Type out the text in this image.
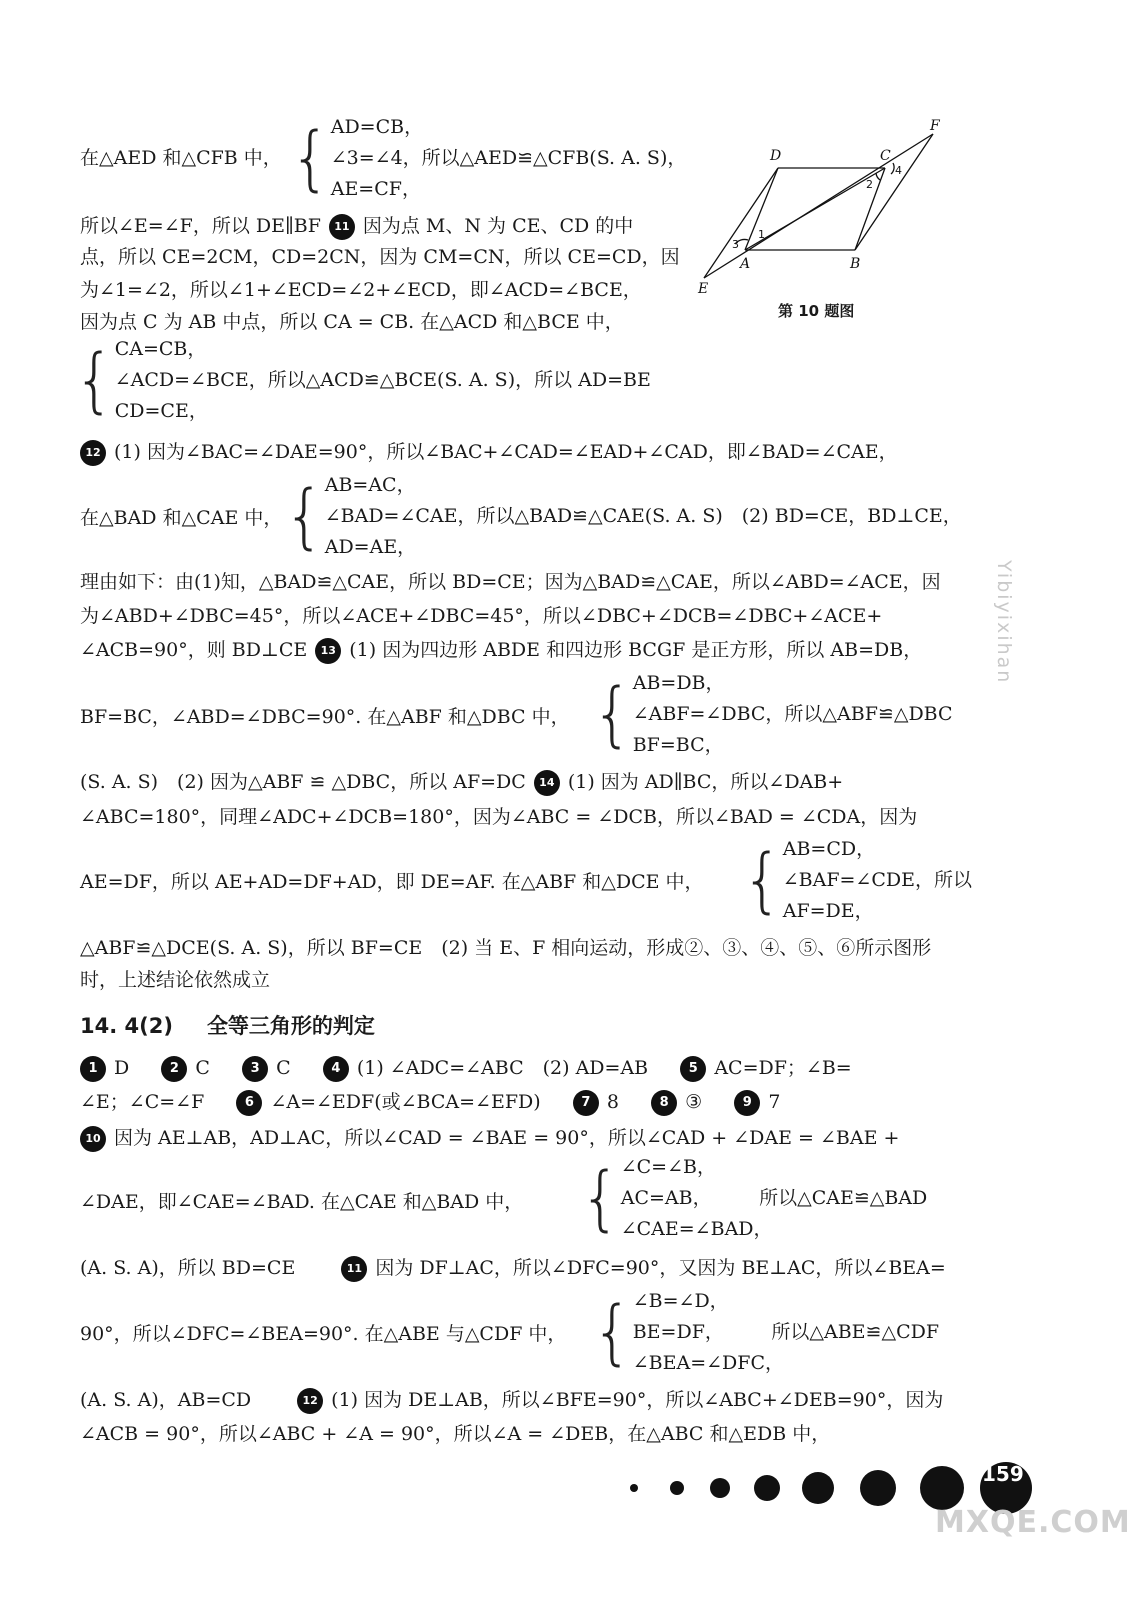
D	C
F
A	B
E
1
2
3
4
第 10 题图
Yibiyixihan
在△AED 和△CFB 中， { AD=CB，
∠3=∠4，所以△AED≌△CFB(S. A. S)，
AE=CF，
所以∠E=∠F，所以 DE∥BF 11 因为点 M、N 为 CE、CD 的中
点，所以 CE=2CM，CD=2CN，因为 CM=CN，所以 CE=CD，因
为∠1=∠2，所以∠1+∠ECD=∠2+∠ECD，即∠ACD=∠BCE，
因为点 C 为 AB 中点，所以 CA = CB. 在△ACD 和△BCE 中，
{ CA=CB，
∠ACD=∠BCE，所以△ACD≌△BCE(S. A. S)，所以 AD=BE
CD=CE，
12 (1) 因为∠BAC=∠DAE=90°，所以∠BAC+∠CAD=∠EAD+∠CAD，即∠BAD=∠CAE，
在△BAD 和△CAE 中， { AB=AC，
∠BAD=∠CAE，所以△BAD≌△CAE(S. A. S)　(2) BD=CE，BD⊥CE，
AD=AE，
理由如下：由(1)知，△BAD≌△CAE，所以 BD=CE；因为△BAD≌△CAE，所以∠ABD=∠ACE，因
为∠ABD+∠DBC=45°，所以∠ACE+∠DBC=45°，所以∠DBC+∠DCB=∠DBC+∠ACE+
∠ACB=90°，则 BD⊥CE 13 (1) 因为四边形 ABDE 和四边形 BCGF 是正方形，所以 AB=DB，
BF=BC，∠ABD=∠DBC=90°. 在△ABF 和△DBC 中， { AB=DB，
∠ABF=∠DBC，所以△ABF≌△DBC
BF=BC，
(S. A. S)　(2) 因为△ABF ≌ △DBC，所以 AF=DC 14 (1) 因为 AD∥BC，所以∠DAB+
∠ABC=180°，同理∠ADC+∠DCB=180°，因为∠ABC = ∠DCB，所以∠BAD = ∠CDA，因为
AE=DF，所以 AE+AD=DF+AD，即 DE=AF. 在△ABF 和△DCE 中， { AB=CD，
∠BAF=∠CDE，所以
AF=DE，
△ABF≌△DCE(S. A. S)，所以 BF=CE　(2) 当 E、F 相向运动，形成②、③、④、⑤、⑥所示图形
时，上述结论依然成立
14. 4(2) 全等三角形的判定
1 D	2 C	3 C	4 (1) ∠ADC=∠ABC　(2) AD=AB	5 AC=DF；∠B=
∠E；∠C=∠F	6 ∠A=∠EDF(或∠BCA=∠EFD)	7 8	8 ③	9 7
10 因为 AE⊥AB，AD⊥AC，所以∠CAD = ∠BAE = 90°，所以∠CAD + ∠DAE = ∠BAE +
∠DAE，即∠CAE=∠BAD. 在△CAE 和△BAD 中， { ∠C=∠B，
AC=AB，　　　所以△CAE≌△BAD
∠CAE=∠BAD，
(A. S. A)，所以 BD=CE　　	11 因为 DF⊥AC，所以∠DFC=90°，又因为 BE⊥AC，所以∠BEA=
90°，所以∠DFC=∠BEA=90°. 在△ABE 与△CDF 中， { ∠B=∠D，
BE=DF，　　　所以△ABE≌△CDF
∠BEA=∠DFC，
(A. S. A)，AB=CD　　	12 (1) 因为 DE⊥AB，所以∠BFE=90°，所以∠ABC+∠DEB=90°，因为
∠ACB = 90°，所以∠ABC + ∠A = 90°，所以∠A = ∠DEB，在△ABC 和△EDB 中，
159
MXQE.COM
